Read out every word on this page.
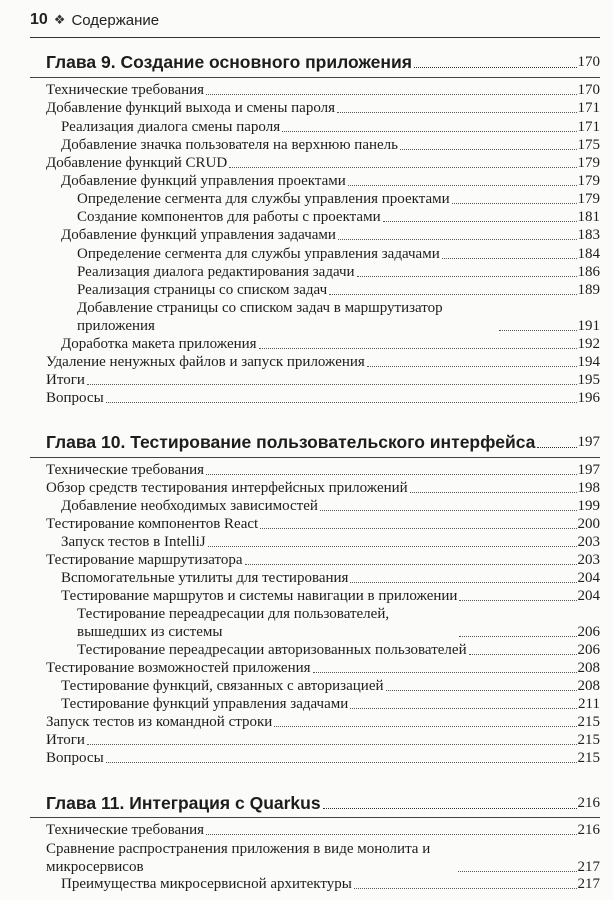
10 ❖ Содержание
Глава 9. Создание основного приложения	170
Технические требования	170
Добавление функций выхода и смены пароля	171
Реализация диалога смены пароля	171
Добавление значка пользователя на верхнюю панель	175
Добавление функций CRUD	179
Добавление функций управления проектами	179
Определение сегмента для службы управления проектами	179
Создание компонентов для работы с проектами	181
Добавление функций управления задачами	183
Определение сегмента для службы управления задачами	184
Реализация диалога редактирования задачи	186
Реализация страницы со списком задач	189
Добавление страницы со списком задач в маршрутизатор приложения	191
Доработка макета приложения	192
Удаление ненужных файлов и запуск приложения	194
Итоги	195
Вопросы	196
Глава 10. Тестирование пользовательского интерфейса	197
Технические требования	197
Обзор средств тестирования интерфейсных приложений	198
Добавление необходимых зависимостей	199
Тестирование компонентов React	200
Запуск тестов в IntelliJ	203
Тестирование маршрутизатора	203
Вспомогательные утилиты для тестирования	204
Тестирование маршрутов и системы навигации в приложении	204
Тестирование переадресации для пользователей, вышедших из системы	206
Тестирование переадресации авторизованных пользователей	206
Тестирование возможностей приложения	208
Тестирование функций, связанных с авторизацией	208
Тестирование функций управления задачами	211
Запуск тестов из командной строки	215
Итоги	215
Вопросы	215
Глава 11. Интеграция с Quarkus	216
Технические требования	216
Сравнение распространения приложения в виде монолита и микросервисов	217
Преимущества микросервисной архитектуры	217
